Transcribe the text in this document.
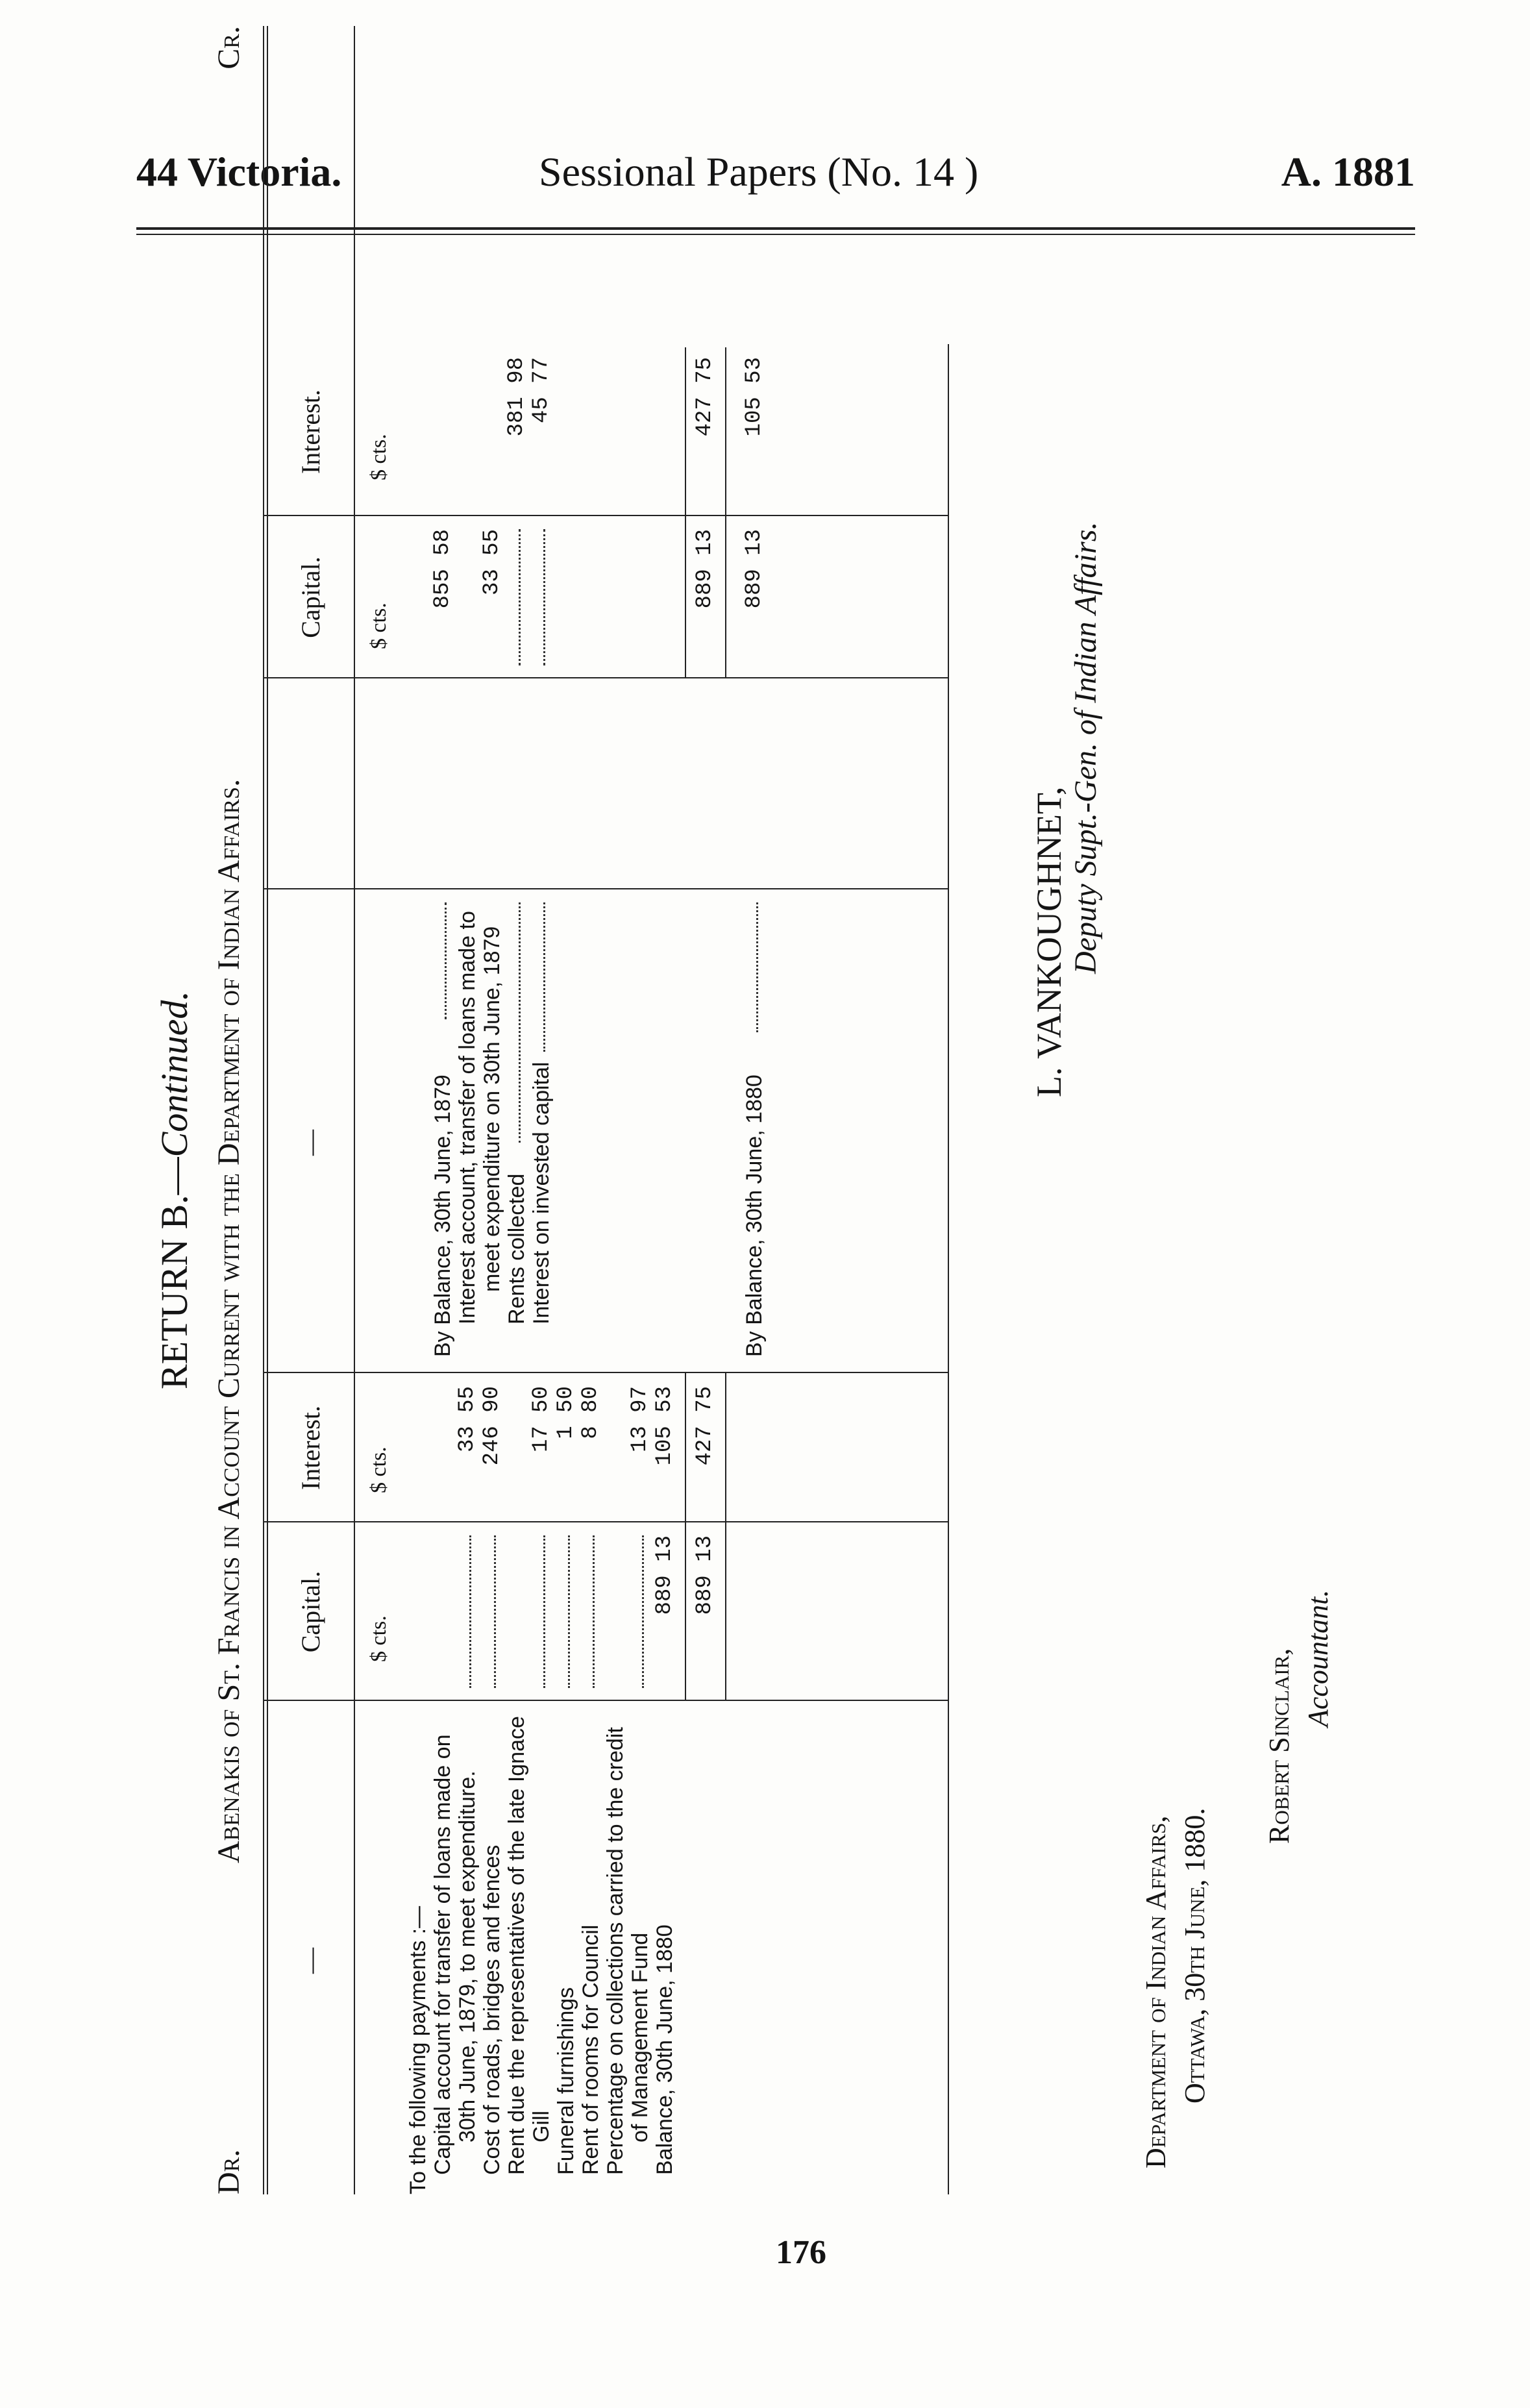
44 Victoria.	Sessional Papers (No. 14 )	A. 1881
RETURN B.—Continued.
Dr.
Abenakis of St. Francis in Account Current with the Department of Indian Affairs.
Cr.
—
Capital.
Interest.
—
Capital.
Interest.
$ cts.
$ cts.
$ cts.
$ cts.
To the following payments :— Capital account for transfer of loans made on 30th June, 1879, to meet expenditure.
33 55
Cost of roads, bridges and fences
246 90
Rent due the representatives of the late Ignace Gill
17 50
Funeral furnishings
1 50
Rent of rooms for Council
8 80
Percentage on collections carried to the credit of Management Fund
13 97
Balance, 30th June, 1880
889 13
105 53
889 13
427 75
By Balance, 30th June, 1879
855 58
Interest account, transfer of loans made to meet expenditure on 30th June, 1879
33 55
Rents collected
381 98
Interest on invested capital
45 77
889 13
427 75
By Balance, 30th June, 1880
889 13
105 53
L. VANKOUGHNET, Deputy Supt.-Gen. of Indian Affairs.
Department of Indian Affairs, Ottawa, 30th June, 1880.
Robert Sinclair, Accountant.
176
